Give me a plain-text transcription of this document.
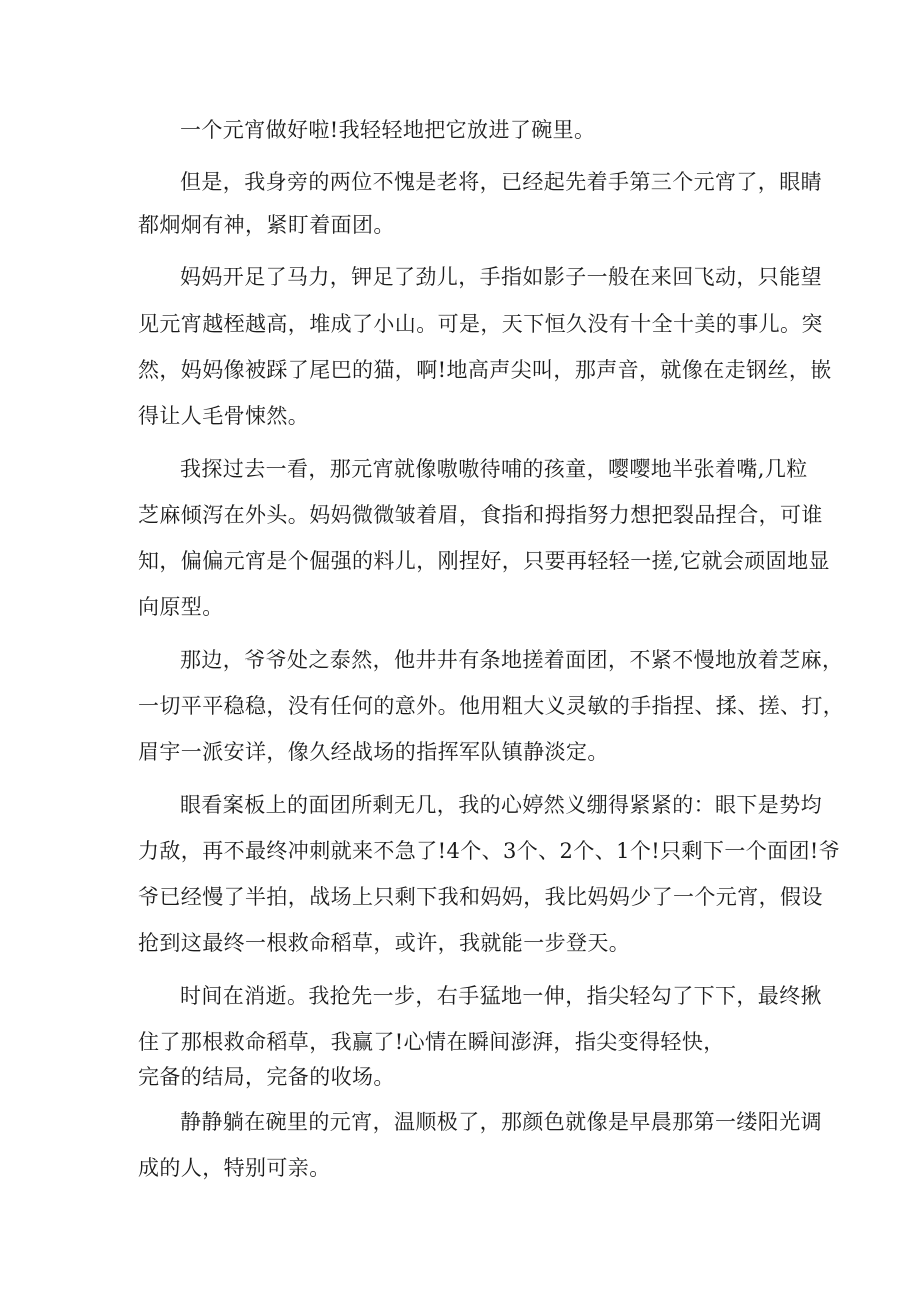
一个元宵做好啦!我轻轻地把它放进了碗里。
但是，我身旁的两位不愧是老将，已经起先着手第三个元宵了，眼睛
都炯炯有神，紧盯着面团。
妈妈开足了马力，钾足了劲儿，手指如影子一般在来回飞动，只能望
见元宵越桎越高，堆成了小山。可是，天下恒久没有十全十美的事儿。突
然，妈妈像被踩了尾巴的猫，啊!地高声尖叫，那声音，就像在走钢丝，嵌
得让人毛骨悚然。
我探过去一看，那元宵就像嗷嗷待哺的孩童，嘤嘤地半张着嘴,几粒
芝麻倾泻在外头。妈妈微微皱着眉，食指和拇指努力想把裂品捏合，可谁
知，偏偏元宵是个倔强的料儿，刚捏好，只要再轻轻一搓,它就会顽固地显
向原型。
那边，爷爷处之泰然，他井井有条地搓着面团，不紧不慢地放着芝麻，
一切平平稳稳，没有任何的意外。他用粗大义灵敏的手指捏、揉、搓、打，
眉宇一派安详，像久经战场的指挥军队镇静淡定。
眼看案板上的面团所剩无几，我的心婷然义绷得紧紧的：眼下是势均
力敌，再不最终冲刺就来不急了!4个、3个、2个、1个!只剩下一个面团!爷
爷已经慢了半拍，战场上只剩下我和妈妈，我比妈妈少了一个元宵，假设
抢到这最终一根救命稻草，或许，我就能一步登天。
时间在消逝。我抢先一步，右手猛地一伸，指尖轻勾了下下，最终揪
住了那根救命稻草，我赢了!心情在瞬间澎湃，指尖变得轻快，
完备的结局，完备的收场。
静静躺在碗里的元宵，温顺极了，那颜色就像是早晨那第一缕阳光调
成的人，特别可亲。
